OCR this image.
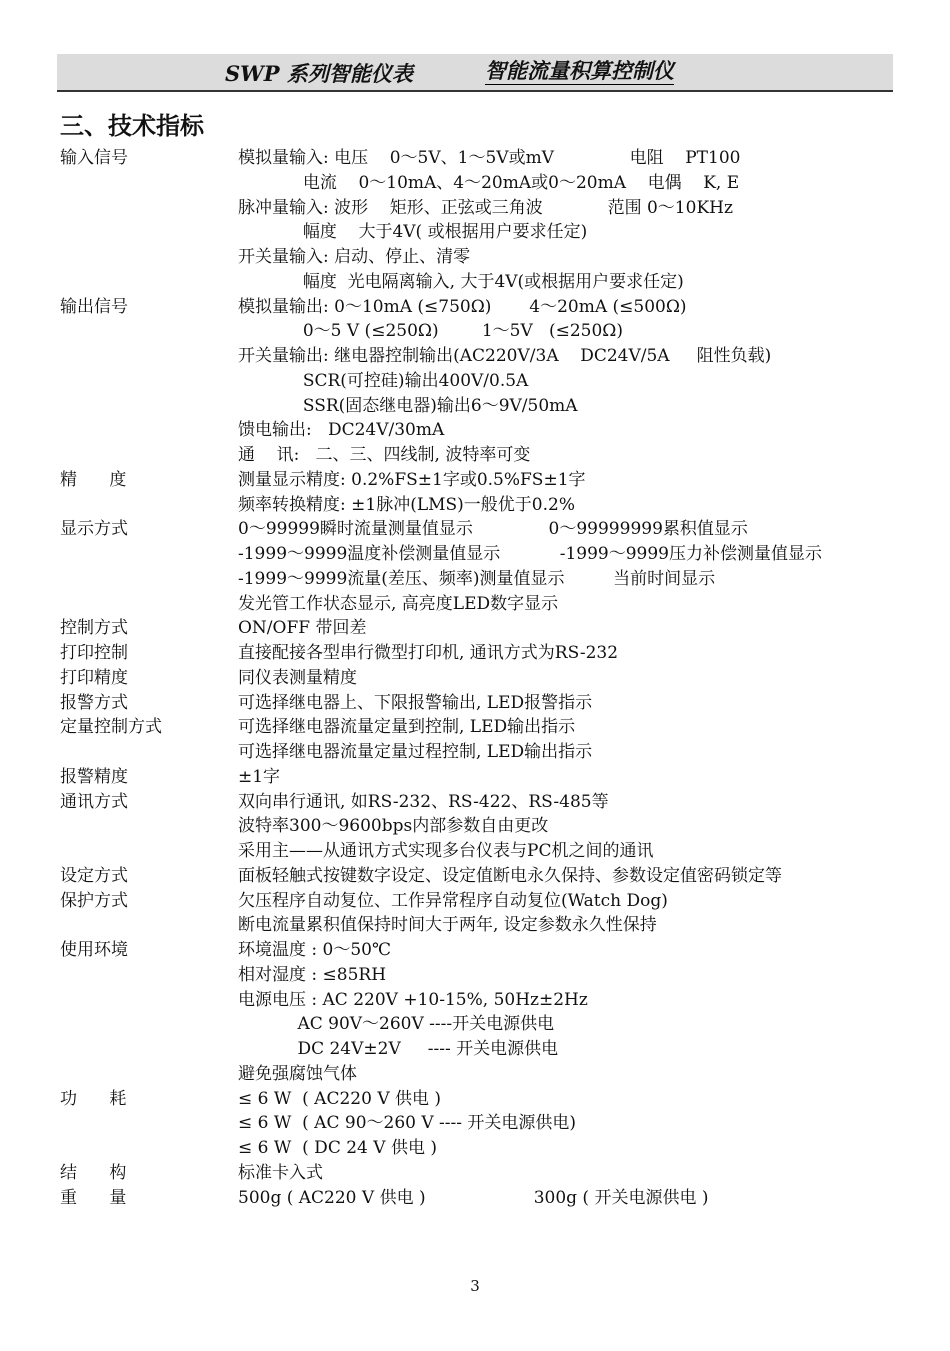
SWP 系列智能仪表	智能流量积算控制仪
三、技术指标
输入信号	模拟量输入: 电压    0～5V、1～5V或mV              电阻    PT100
电流    0～10mA、4～20mA或0～20mA    电偶    K, E
脉冲量输入: 波形    矩形、正弦或三角波            范围 0～10KHz
幅度    大于4V( 或根据用户要求任定)
开关量输入: 启动、停止、清零
幅度  光电隔离输入, 大于4V(或根据用户要求任定)
输出信号	模拟量输出: 0～10mA (≤750Ω)       4～20mA (≤500Ω)
0～5 V (≤250Ω)        1～5V   (≤250Ω)
开关量输出: 继电器控制输出(AC220V/3A    DC24V/5A     阻性负载)
SCR(可控硅)输出400V/0.5A
SSR(固态继电器)输出6～9V/50mA
馈电输出:   DC24V/30mA
通    讯:   二、三、四线制, 波特率可变
精      度	测量显示精度: 0.2%FS±1字或0.5%FS±1字
频率转换精度: ±1脉冲(LMS)一般优于0.2%
显示方式	0～99999瞬时流量测量值显示              0～99999999累积值显示
-1999～9999温度补偿测量值显示           -1999～9999压力补偿测量值显示
-1999～9999流量(差压、频率)测量值显示         当前时间显示
发光管工作状态显示, 高亮度LED数字显示
控制方式	ON/OFF 带回差
打印控制	直接配接各型串行微型打印机, 通讯方式为RS-232
打印精度	同仪表测量精度
报警方式	可选择继电器上、下限报警输出, LED报警指示
定量控制方式	可选择继电器流量定量到控制, LED输出指示
可选择继电器流量定量过程控制, LED输出指示
报警精度	±1字
通讯方式	双向串行通讯, 如RS-232、RS-422、RS-485等
波特率300～9600bps内部参数自由更改
采用主——从通讯方式实现多台仪表与PC机之间的通讯
设定方式	面板轻触式按键数字设定、设定值断电永久保持、参数设定值密码锁定等
保护方式	欠压程序自动复位、工作异常程序自动复位(Watch Dog)
断电流量累积值保持时间大于两年, 设定参数永久性保持
使用环境	环境温度 : 0～50℃
相对湿度 : ≤85RH
电源电压 : AC 220V +10-15%, 50Hz±2Hz
AC 90V～260V ----开关电源供电
DC 24V±2V     ---- 开关电源供电
避免强腐蚀气体
功      耗	≤ 6 W  ( AC220 V 供电 )
≤ 6 W  ( AC 90～260 V ---- 开关电源供电)
≤ 6 W  ( DC 24 V 供电 )
结      构	标准卡入式
重      量	500g ( AC220 V 供电 )                    300g ( 开关电源供电 )
3
